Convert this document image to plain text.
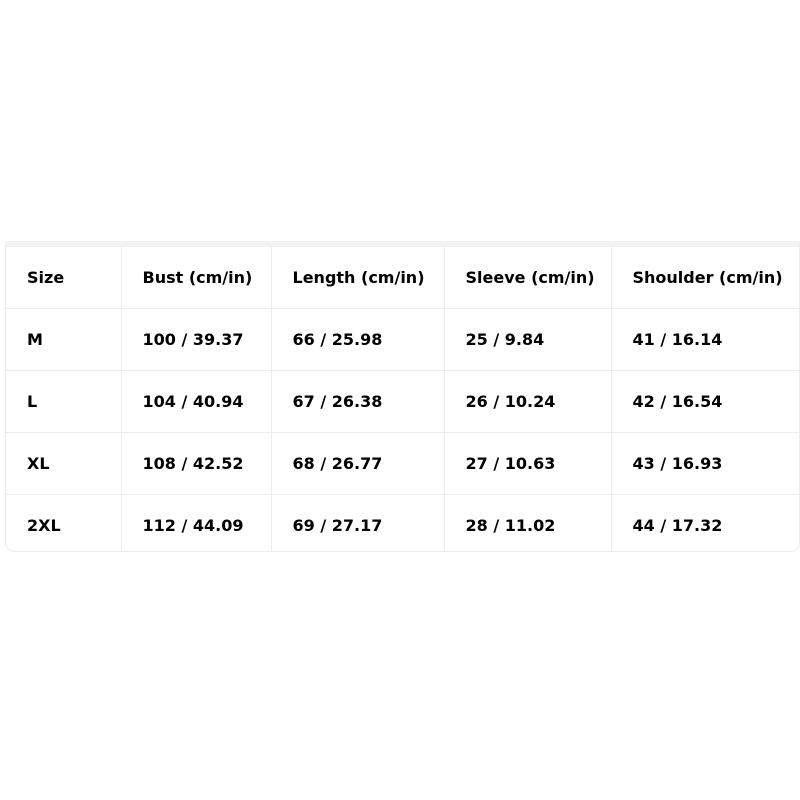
Size	Bust (cm/in)	Length (cm/in)	Sleeve (cm/in)	Shoulder (cm/in)
M	100 / 39.37	66 / 25.98	25 / 9.84	41 / 16.14
L	104 / 40.94	67 / 26.38	26 / 10.24	42 / 16.54
XL	108 / 42.52	68 / 26.77	27 / 10.63	43 / 16.93
2XL	112 / 44.09	69 / 27.17	28 / 11.02	44 / 17.32
